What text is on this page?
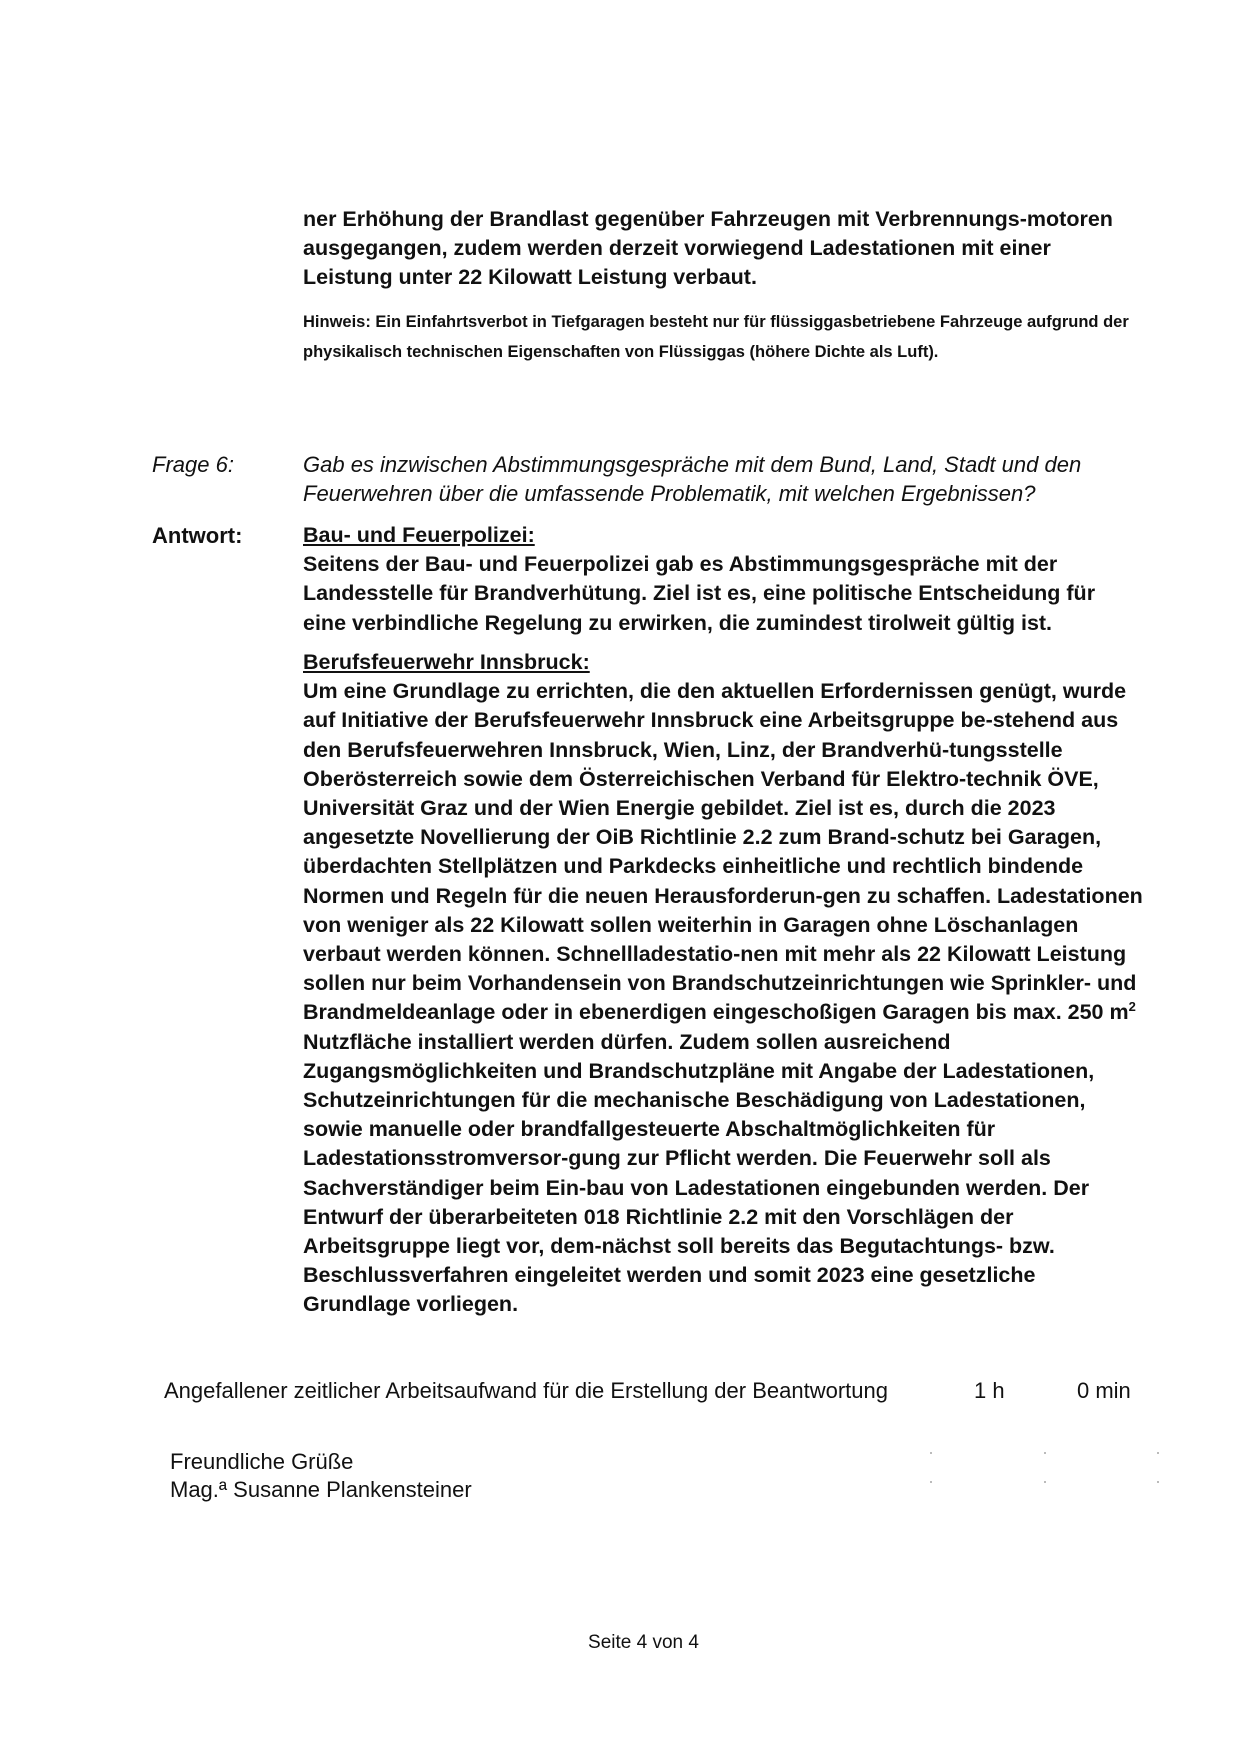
ner Erhöhung der Brandlast gegenüber Fahrzeugen mit Verbrennungs-motoren ausgegangen, zudem werden derzeit vorwiegend Ladestationen mit einer Leistung unter 22 Kilowatt Leistung verbaut.

Hinweis: Ein Einfahrtsverbot in Tiefgaragen besteht nur für flüssiggasbetriebene Fahrzeuge aufgrund der physikalisch technischen Eigenschaften von Flüssiggas (höhere Dichte als Luft).

Frage 6:	Gab es inzwischen Abstimmungsgespräche mit dem Bund, Land, Stadt und den Feuerwehren über die umfassende Problematik, mit welchen Ergebnissen?

Antwort:	Bau- und Feuerpolizei:
Seitens der Bau- und Feuerpolizei gab es Abstimmungsgespräche mit der Landesstelle für Brandverhütung. Ziel ist es, eine politische Entscheidung für eine verbindliche Regelung zu erwirken, die zumindest tirolweit gültig ist.

Berufsfeuerwehr Innsbruck:
Um eine Grundlage zu errichten, die den aktuellen Erfordernissen genügt, wurde auf Initiative der Berufsfeuerwehr Innsbruck eine Arbeitsgruppe be-stehend aus den Berufsfeuerwehren Innsbruck, Wien, Linz, der Brandverhü-tungsstelle Oberösterreich sowie dem Österreichischen Verband für Elektro-technik ÖVE, Universität Graz und der Wien Energie gebildet. Ziel ist es, durch die 2023 angesetzte Novellierung der OiB Richtlinie 2.2 zum Brand-schutz bei Garagen, überdachten Stellplätzen und Parkdecks einheitliche und rechtlich bindende Normen und Regeln für die neuen Herausforderun-gen zu schaffen. Ladestationen von weniger als 22 Kilowatt sollen weiterhin in Garagen ohne Löschanlagen verbaut werden können. Schnellladestatio-nen mit mehr als 22 Kilowatt Leistung sollen nur beim Vorhandensein von Brandschutzeinrichtungen wie Sprinkler- und Brandmeldeanlage oder in ebenerdigen eingeschoßigen Garagen bis max. 250 $m^2$ Nutzfläche installiert werden dürfen. Zudem sollen ausreichend Zugangsmöglichkeiten und Brandschutzpläne mit Angabe der Ladestationen, Schutzeinrichtungen für die mechanische Beschädigung von Ladestationen, sowie manuelle oder brandfallgesteuerte Abschaltmöglichkeiten für Ladestationsstromversor-gung zur Pflicht werden. Die Feuerwehr soll als Sachverständiger beim Ein-bau von Ladestationen eingebunden werden. Der Entwurf der überarbeiteten 018 Richtlinie 2.2 mit den Vorschlägen der Arbeitsgruppe liegt vor, dem-nächst soll bereits das Begutachtungs- bzw. Beschlussverfahren eingeleitet werden und somit 2023 eine gesetzliche Grundlage vorliegen.

Angefallener zeitlicher Arbeitsaufwand für die Erstellung der Beantwortung	1 h	0 min
Freundliche Grüße
Mag.ª Susanne Plankensteiner
Seite 4 von 4
